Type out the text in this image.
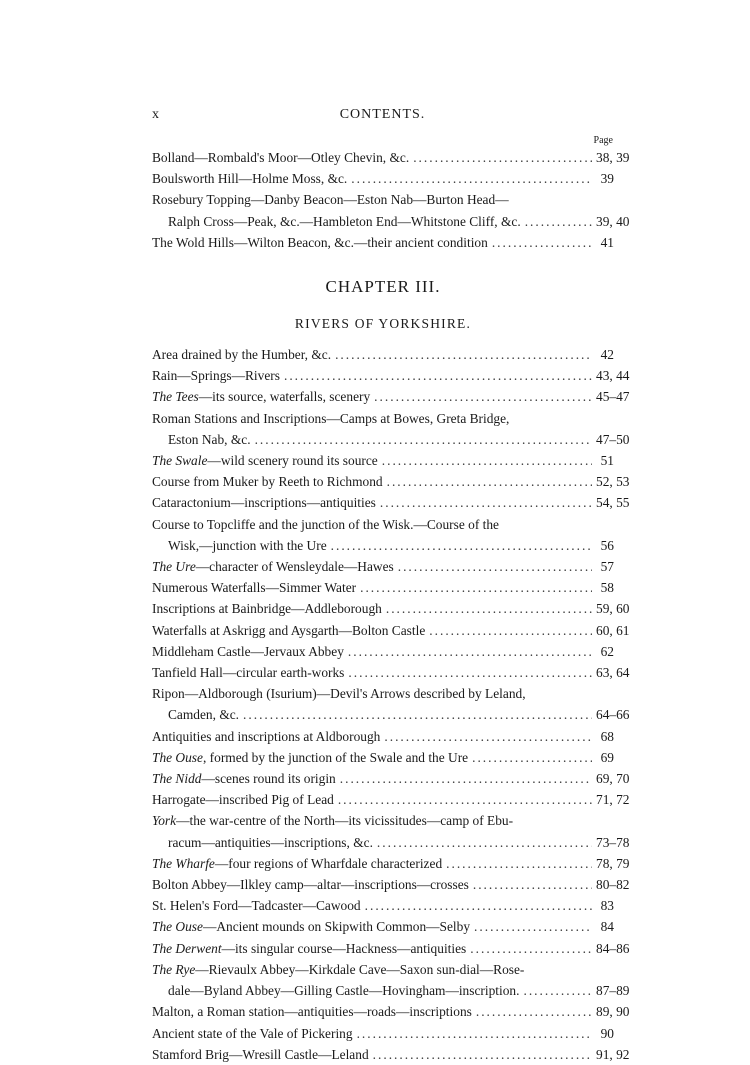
x	CONTENTS.
Page
Bolland—Rombald's Moor—Otley Chevin, &c. .....	38, 39
Boulsworth Hill—Holme Moss, &c. .....	39
Rosebury Topping—Danby Beacon—Eston Nab—Burton Head—
Ralph Cross—Peak, &c.—Hambleton End—Whitstone Cliff, &c. .....	39, 40
The Wold Hills—Wilton Beacon, &c.—their ancient condition .....	41
CHAPTER III.
RIVERS OF YORKSHIRE.
Area drained by the Humber, &c. .....	42
Rain—Springs—Rivers .....	43, 44
The Tees —its source, waterfalls, scenery .....	45–47
Roman Stations and Inscriptions—Camps at Bowes, Greta Bridge,
Eston Nab, &c. .....	47–50
The Swale —wild scenery round its source .....	51
Course from Muker by Reeth to Richmond .....	52, 53
Cataractonium—inscriptions—antiquities .....	54, 55
Course to Topcliffe and the junction of the Wisk.—Course of the
Wisk,—junction with the Ure .....	56
The Ure —character of Wensleydale—Hawes .....	57
Numerous Waterfalls—Simmer Water .....	58
Inscriptions at Bainbridge—Addleborough .....	59, 60
Waterfalls at Askrigg and Aysgarth—Bolton Castle .....	60, 61
Middleham Castle—Jervaux Abbey .....	62
Tanfield Hall—circular earth-works .....	63, 64
Ripon—Aldborough (Isurium)—Devil's Arrows described by Leland,
Camden, &c. .....	64–66
Antiquities and inscriptions at Aldborough .....	68
The Ouse , formed by the junction of the Swale and the Ure .....	69
The Nidd —scenes round its origin .....	69, 70
Harrogate—inscribed Pig of Lead .....	71, 72
York —the war-centre of the North—its vicissitudes—camp of Ebu-
racum—antiquities—inscriptions, &c. .....	73–78
The Wharfe —four regions of Wharfdale characterized .....	78, 79
Bolton Abbey—Ilkley camp—altar—inscriptions—crosses .....	80–82
St. Helen's Ford—Tadcaster—Cawood .....	83
The Ouse —Ancient mounds on Skipwith Common—Selby .....	84
The Derwent —its singular course—Hackness—antiquities .....	84–86
The Rye —Rievaulx Abbey—Kirkdale Cave—Saxon sun-dial—Rose-
dale—Byland Abbey—Gilling Castle—Hovingham—inscription. .....	87–89
Malton, a Roman station—antiquities—roads—inscriptions .....	89, 90
Ancient state of the Vale of Pickering .....	90
Stamford Brig—Wresill Castle—Leland .....	91, 92
